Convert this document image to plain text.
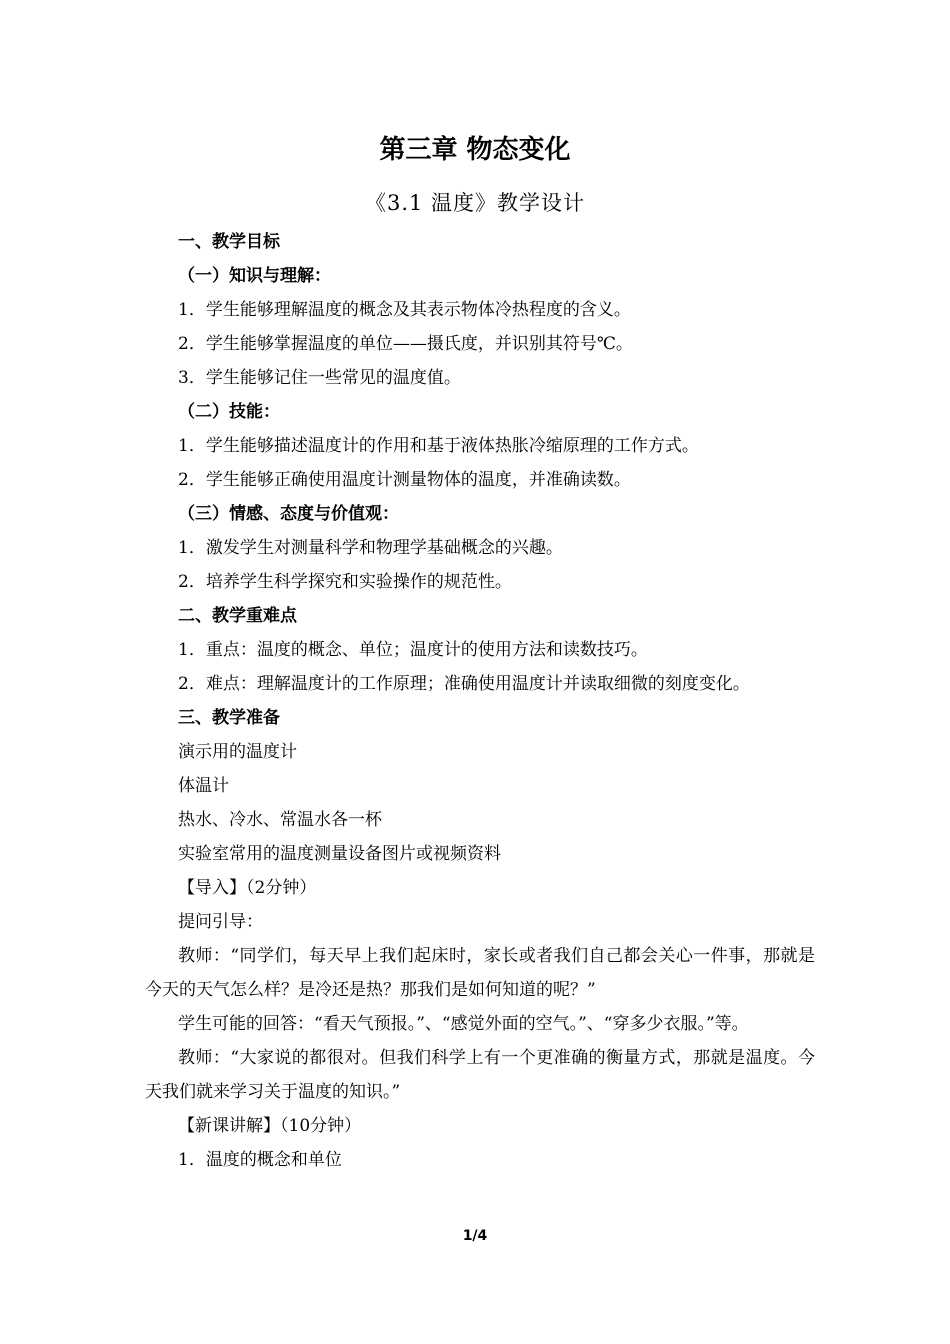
第三章 物态变化
《3.1 温度》教学设计
一、教学目标
（一）知识与理解：
1．学生能够理解温度的概念及其表示物体冷热程度的含义。
2．学生能够掌握温度的单位——摄氏度，并识别其符号℃。
3．学生能够记住一些常见的温度值。
（二）技能：
1．学生能够描述温度计的作用和基于液体热胀冷缩原理的工作方式。
2．学生能够正确使用温度计测量物体的温度，并准确读数。
（三）情感、态度与价值观：
1．激发学生对测量科学和物理学基础概念的兴趣。
2．培养学生科学探究和实验操作的规范性。
二、教学重难点
1．重点：温度的概念、单位；温度计的使用方法和读数技巧。
2．难点：理解温度计的工作原理；准确使用温度计并读取细微的刻度变化。
三、教学准备
演示用的温度计
体温计
热水、冷水、常温水各一杯
实验室常用的温度测量设备图片或视频资料
【导入】（2分钟）
提问引导：

教师：“同学们，每天早上我们起床时，家长或者我们自己都会关心一件事，那就是今天的天气怎么样？是冷还是热？那我们是如何知道的呢？”

学生可能的回答：“看天气预报。”、“感觉外面的空气。”、“穿多少衣服。”等。

教师：“大家说的都很对。但我们科学上有一个更准确的衡量方式，那就是温度。今天我们就来学习关于温度的知识。”

【新课讲解】（10分钟）
1．温度的概念和单位
1/4
